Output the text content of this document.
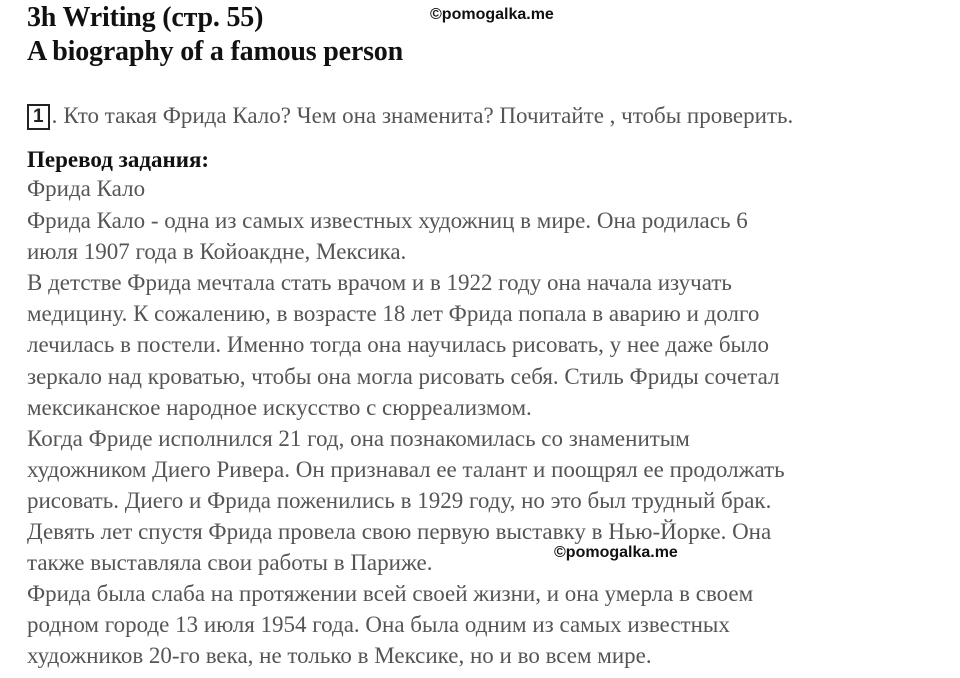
3h Writing (стр. 55)
A biography of a famous person
©pomogalka.me
1 . Кто такая Фрида Кало? Чем она знаменита? Почитайте , чтобы проверить.
Перевод задания:
Фрида Кало
Фрида Кало - одна из самых известных художниц в мире. Она родилась 6
июля 1907 года в Койоакдне, Мексика.
В детстве Фрида мечтала стать врачом и в 1922 году она начала изучать
медицину. К сожалению, в возрасте 18 лет Фрида попала в аварию и долго
лечилась в постели. Именно тогда она научилась рисовать, у нее даже было
зеркало над кроватью, чтобы она могла рисовать себя. Стиль Фриды сочетал
мексиканское народное искусство с сюрреализмом.
Когда Фриде исполнился 21 год, она познакомилась со знаменитым
художником Диего Ривера. Он признавал ее талант и поощрял ее продолжать
рисовать. Диего и Фрида поженились в 1929 году, но это был трудный брак.
Девять лет спустя Фрида провела свою первую выставку в Нью-Йорке. Она
также выставляла свои работы в Париже.
Фрида была слаба на протяжении всей своей жизни, и она умерла в своем
родном городе 13 июля 1954 года. Она была одним из самых известных
художников 20-го века, не только в Мексике, но и во всем мире.
©pomogalka.me
